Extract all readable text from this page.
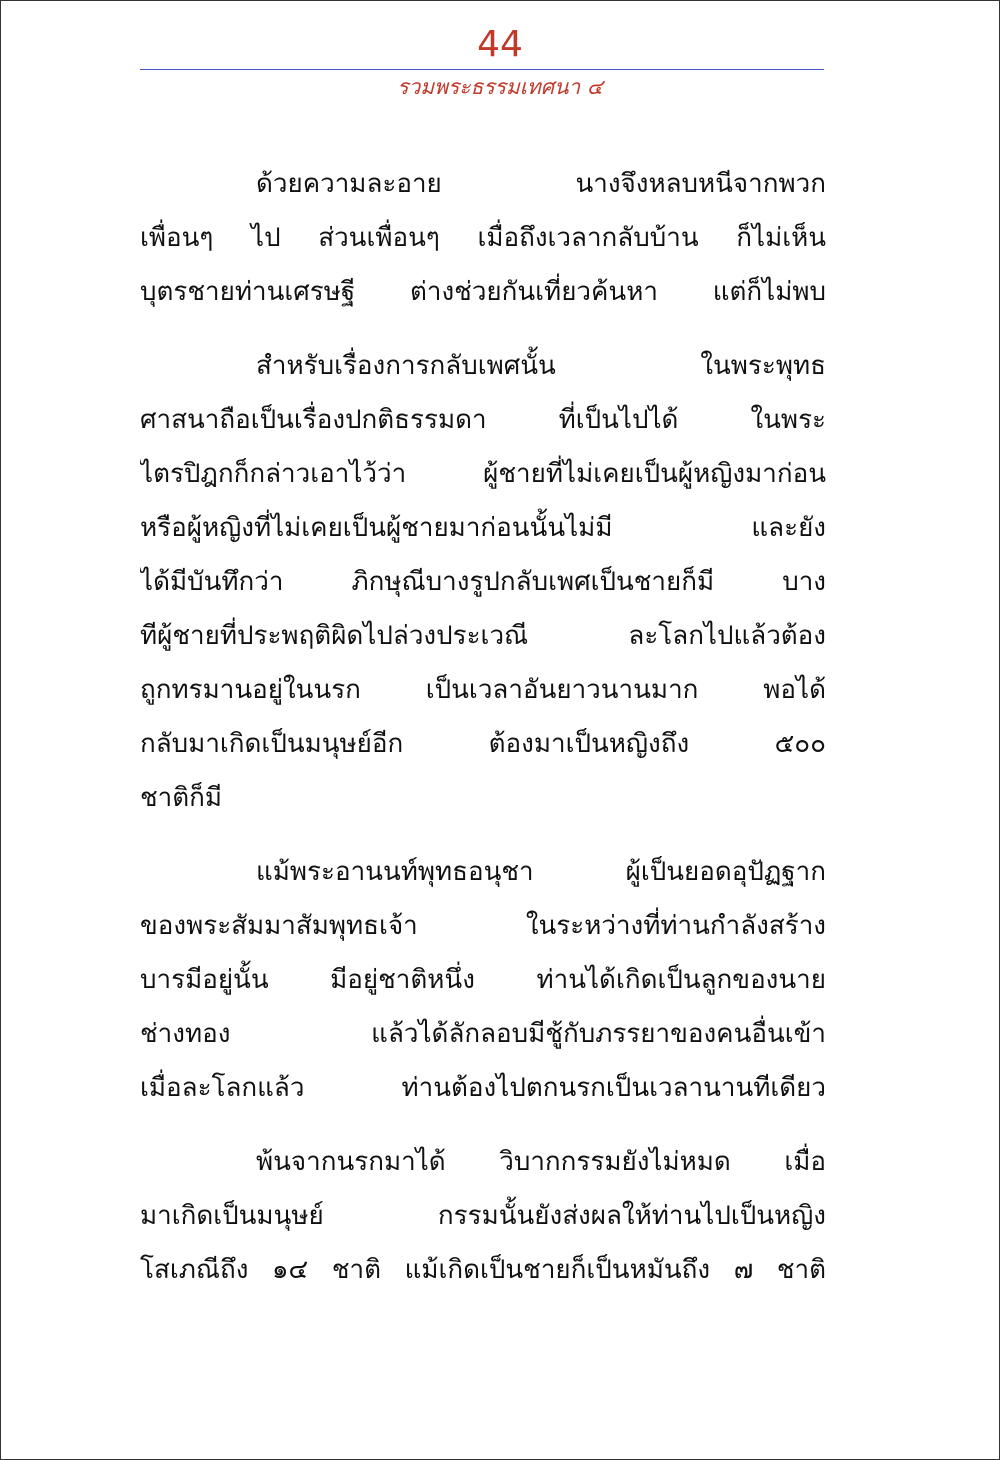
44
รวมพระธรรมเทศนา ๔
ด้วยความละอาย นางจึงหลบหนีจากพวก
เพื่อนๆ ไป ส่วนเพื่อนๆ เมื่อถึงเวลากลับบ้าน ก็ไม่เห็น
บุตรชายท่านเศรษฐี ต่างช่วยกันเที่ยวค้นหา แต่ก็ไม่พบ
สำหรับเรื่องการกลับเพศนั้น ในพระพุทธ
ศาสนาถือเป็นเรื่องปกติธรรมดา ที่เป็นไปได้ ในพระ
ไตรปิฎกก็กล่าวเอาไว้ว่า ผู้ชายที่ไม่เคยเป็นผู้หญิงมาก่อน
หรือผู้หญิงที่ไม่เคยเป็นผู้ชายมาก่อนนั้นไม่มี และยัง
ได้มีบันทึกว่า ภิกษุณีบางรูปกลับเพศเป็นชายก็มี บาง
ทีผู้ชายที่ประพฤติผิดไปล่วงประเวณี ละโลกไปแล้วต้อง
ถูกทรมานอยู่ในนรก เป็นเวลาอันยาวนานมาก พอได้
กลับมาเกิดเป็นมนุษย์อีก ต้องมาเป็นหญิงถึง ๕๐๐
ชาติก็มี
แม้พระอานนท์พุทธอนุชา ผู้เป็นยอดอุปัฏฐาก
ของพระสัมมาสัมพุทธเจ้า ในระหว่างที่ท่านกำลังสร้าง
บารมีอยู่นั้น มีอยู่ชาติหนึ่ง ท่านได้เกิดเป็นลูกของนาย
ช่างทอง แล้วได้ลักลอบมีชู้กับภรรยาของคนอื่นเข้า
เมื่อละโลกแล้ว ท่านต้องไปตกนรกเป็นเวลานานทีเดียว
พ้นจากนรกมาได้ วิบากกรรมยังไม่หมด เมื่อ
มาเกิดเป็นมนุษย์ กรรมนั้นยังส่งผลให้ท่านไปเป็นหญิง
โสเภณีถึง ๑๔ ชาติ แม้เกิดเป็นชายก็เป็นหมันถึง ๗ ชาติ
